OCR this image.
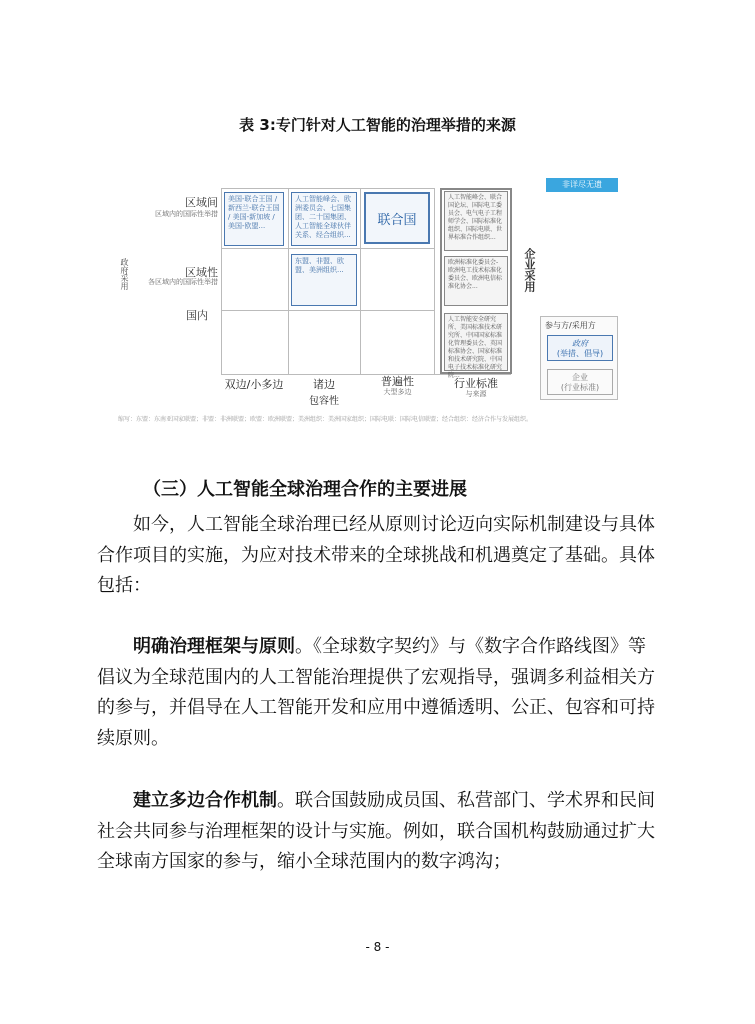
表 3:专门针对人工智能的治理举措的来源
政府采用
区域间
区域内的国际性举措
区域性
各区域内的国际性举措
国内
美国-联合王国 / 新西兰-联合王国 / 美国-新加坡 / 美国-欧盟...
人工智能峰会、欧洲委员会、七国集团、二十国集团、人工智能全球伙伴关系、经合组织...
联合国
东盟、非盟、欧盟、美洲组织...
人工智能峰会、联合国论坛、国际电工委员会、电气电子工程师学会、国际标准化组织、国际电联、世界标准合作组织...
欧洲标准化委员会-欧洲电工技术标准化委员会、欧洲电信标准化协会...
人工智能安全研究所、美国标准技术研究所、中国国家标准化管理委员会、英国标准协会、国家标准和技术研究院、中国电子技术标准化研究院...
企业采用
非详尽无遗
参与方/采用方
政府
(举措、倡导)
企业
(行业标准)
双边/小多边	诸边	普遍性
大型多边
行业标准
与来源
包容性
缩写：东盟：东南亚国家联盟；非盟：非洲联盟；欧盟：欧洲联盟；美洲组织：美洲国家组织；国际电联：国际电信联盟；经合组织：经济合作与发展组织。
（三）人工智能全球治理合作的主要进展

如今，人工智能全球治理已经从原则讨论迈向实际机制建设与具体合作项目的实施，为应对技术带来的全球挑战和机遇奠定了基础。具体包括：

明确治理框架与原则。《全球数字契约》与《数字合作路线图》等倡议为全球范围内的人工智能治理提供了宏观指导，强调多利益相关方的参与，并倡导在人工智能开发和应用中遵循透明、公正、包容和可持续原则。

建立多边合作机制。联合国鼓励成员国、私营部门、学术界和民间社会共同参与治理框架的设计与实施。例如，联合国机构鼓励通过扩大全球南方国家的参与，缩小全球范围内的数字鸿沟；

- 8 -
